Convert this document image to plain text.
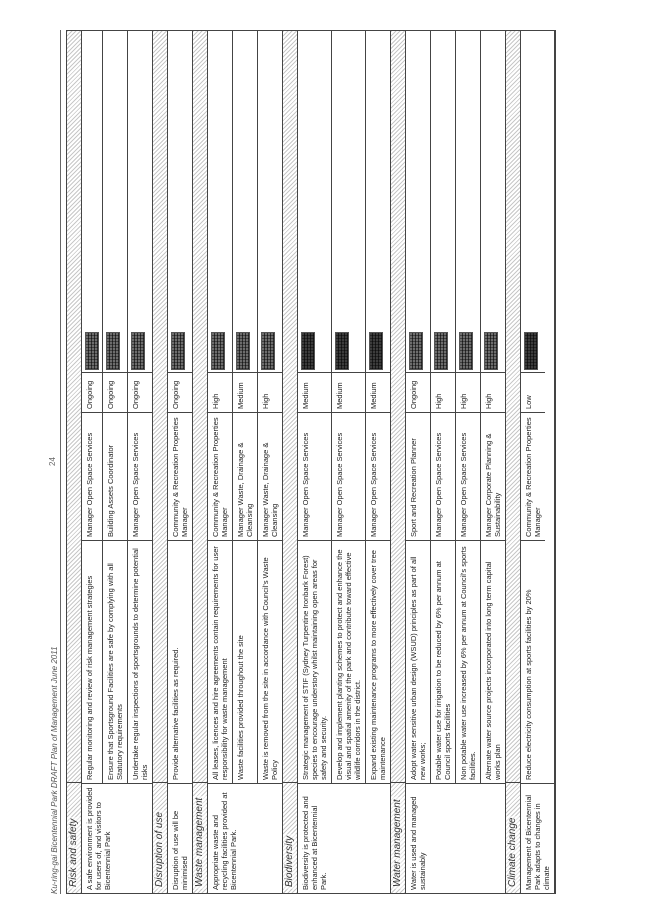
Ku-ring-gai Bicentennial Park DRAFT Plan of Management June 2011
24
Risk and safety A safe environment is provided for users of, and visitors to Bicentennial Park
Regular monitoring and review of risk management strategies
Manager Open Space Services
Ongoing
Ensure that Sportsground Facilities are safe by complying with all Statutory requirements
Building Assets Coordinator
Ongoing
Undertake regular inspections of sportsgrounds to determine potential risks
Manager Open Space Services
Ongoing
Disruption of use Disruption of use will be minimised
Provide alternative facilities as required.
Community & Recreation Properties Manager
Ongoing
Waste management Appropriate waste and recycling facilities provided at Bicentennial Park.
All leases, licences and hire agreements contain requirements for user responsibility for waste management
Community & Recreation Properties Manager
High
Waste facilities provided throughout the site
Manager Waste, Drainage & Cleansing
Medium
Waste is removed from the site in accordance with Council's Waste Policy
Manager Waste, Drainage & Cleansing
High
Biodiversity Biodiversity is protected and enhanced at Bicentennial Park.
Strategic management of STIF (Sydney Turpentine Ironbark Forest) species to encourage understory whilst maintaining open areas for safety and security.
Manager Open Space Services
Medium
Develop and implement planting schemes to protect and enhance the visual and spatial amenity of the park and contribute toward effective wildlife corridors in the district.
Manager Open Space Services
Medium
Expand existing maintenance programs to more effectively cover tree maintenance
Manager Open Space Services
Medium
Water management Water is used and managed sustainably
Adopt water sensitive urban design (WSUD) principles as part of all new works;
Sport and Recreation Planner
Ongoing
Potable water use for irrigation to be reduced by 6% per annum at Council sports facilities
Manager Open Space Services
High
Non potable water use increased by 6% per annum at Council's sports facilities.
Manager Open Space Services
High
Alternate water source projects incorporated into long term capital works plan
Manager Corporate Planning & Sustainability
High
Climate change Management of Bicentennial Park adapts to changes in climate
Reduce electricity consumption at sports facilities by 20%
Community & Recreation Properties Manager
Low
